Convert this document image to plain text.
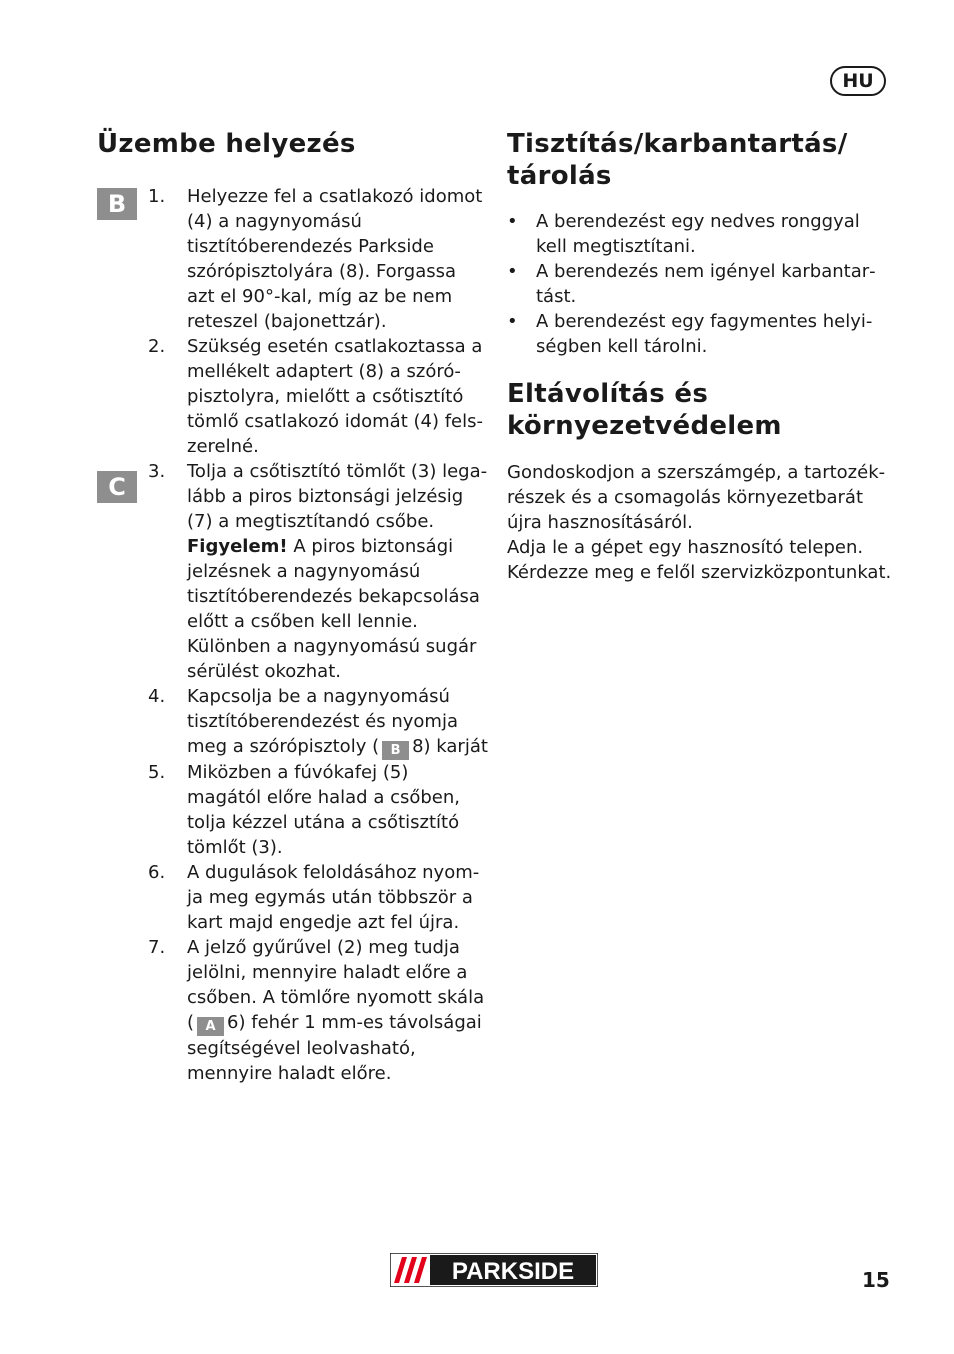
HU
Üzembe helyezés
B
C
1.	Helyezze fel a csatlakozó idomot (4) a nagynyomású tisztítóberendezés Parkside szórópisztolyára (8). Forgassa azt el 90°-kal, míg az be nem reteszel (bajonettzár).
2.	Szükség esetén csatlakoztassa a mellékelt adaptert (8) a szórópisztolyra, mielőtt a csőtisztító tömlő csatlakozó idomát (4) felszerelné.
3.	Tolja a csőtisztító tömlőt (3) legalább a piros biztonsági jelzésig (7) a megtisztítandó csőbe.
Figyelem! A piros biztonsági jelzésnek a nagynyomású tisztítóberendezés bekapcsolása előtt a csőben kell lennie. Különben a nagynyomású sugár sérülést okozhat.
4.	Kapcsolja be a nagynyomású tisztítóberendezést és nyomja meg a szórópisztoly ( B 8) karját
5.	Miközben a fúvókafej (5) magától előre halad a csőben, tolja kézzel utána a csőtisztító tömlőt (3).
6.	A dugulások feloldásához nyomja meg egymás után többször a kart majd engedje azt fel újra.
7.	A jelző gyűrűvel (2) meg tudja jelölni, mennyire haladt előre a csőben. A tömlőre nyomott skála ( A 6) fehér 1 mm-es távolságai segítségével leolvasható, mennyire haladt előre.
Tisztítás/karbantartás/ tárolás
•	A berendezést egy nedves ronggyal kell megtisztítani.
•	A berendezés nem igényel karbantartást.
•	A berendezést egy fagymentes helyiségben kell tárolni.
Eltávolítás és környezetvédelem
Gondoskodjon a szerszámgép, a tartozékrészek és a csomagolás környezetbarát újra hasznosításáról.
Adja le a gépet egy hasznosító telepen. Kérdezze meg e felől szervizközpontunkat.
PARKSIDE	15
